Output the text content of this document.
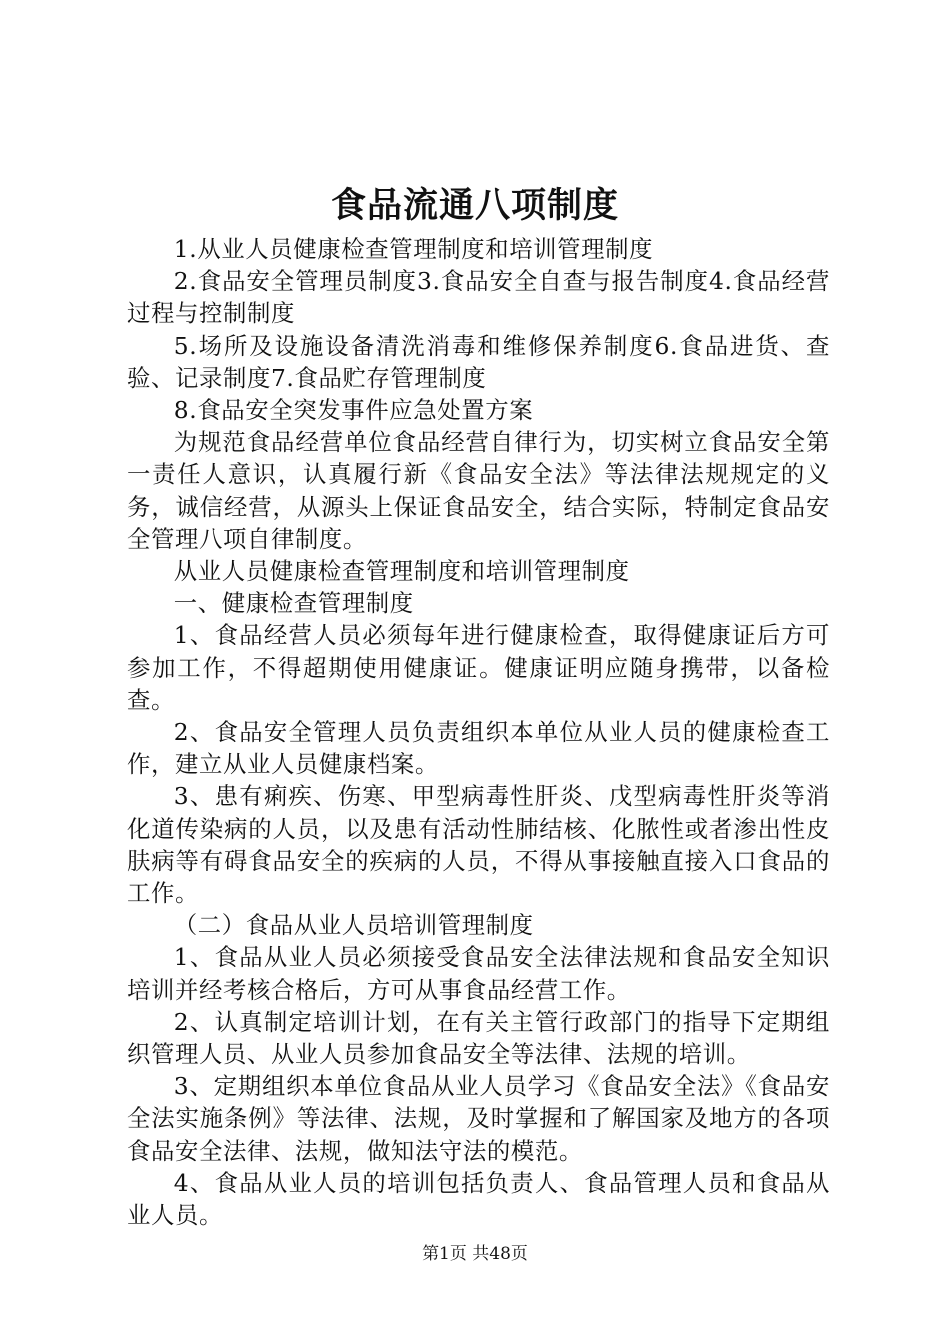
食品流通八项制度

1.从业人员健康检查管理制度和培训管理制度

2.食品安全管理员制度3.食品安全自查与报告制度4.食品经营过程与控制制度

5.场所及设施设备清洗消毒和维修保养制度6.食品进货、查验、记录制度7.食品贮存管理制度

8.食品安全突发事件应急处置方案

为规范食品经营单位食品经营自律行为，切实树立食品安全第一责任人意识，认真履行新《食品安全法》等法律法规规定的义务，诚信经营，从源头上保证食品安全，结合实际，特制定食品安全管理八项自律制度。

从业人员健康检查管理制度和培训管理制度

一、健康检查管理制度

1、食品经营人员必须每年进行健康检查，取得健康证后方可参加工作，不得超期使用健康证。健康证明应随身携带，以备检查。

2、食品安全管理人员负责组织本单位从业人员的健康检查工作，建立从业人员健康档案。

3、患有痢疾、伤寒、甲型病毒性肝炎、戊型病毒性肝炎等消化道传染病的人员，以及患有活动性肺结核、化脓性或者渗出性皮肤病等有碍食品安全的疾病的人员，不得从事接触直接入口食品的工作。

（二）食品从业人员培训管理制度

1、食品从业人员必须接受食品安全法律法规和食品安全知识培训并经考核合格后，方可从事食品经营工作。

2、认真制定培训计划，在有关主管行政部门的指导下定期组织管理人员、从业人员参加食品安全等法律、法规的培训。

3、定期组织本单位食品从业人员学习《食品安全法》《食品安全法实施条例》等法律、法规，及时掌握和了解国家及地方的各项食品安全法律、法规，做知法守法的模范。

4、食品从业人员的培训包括负责人、食品管理人员和食品从业人员。

第1页 共48页
